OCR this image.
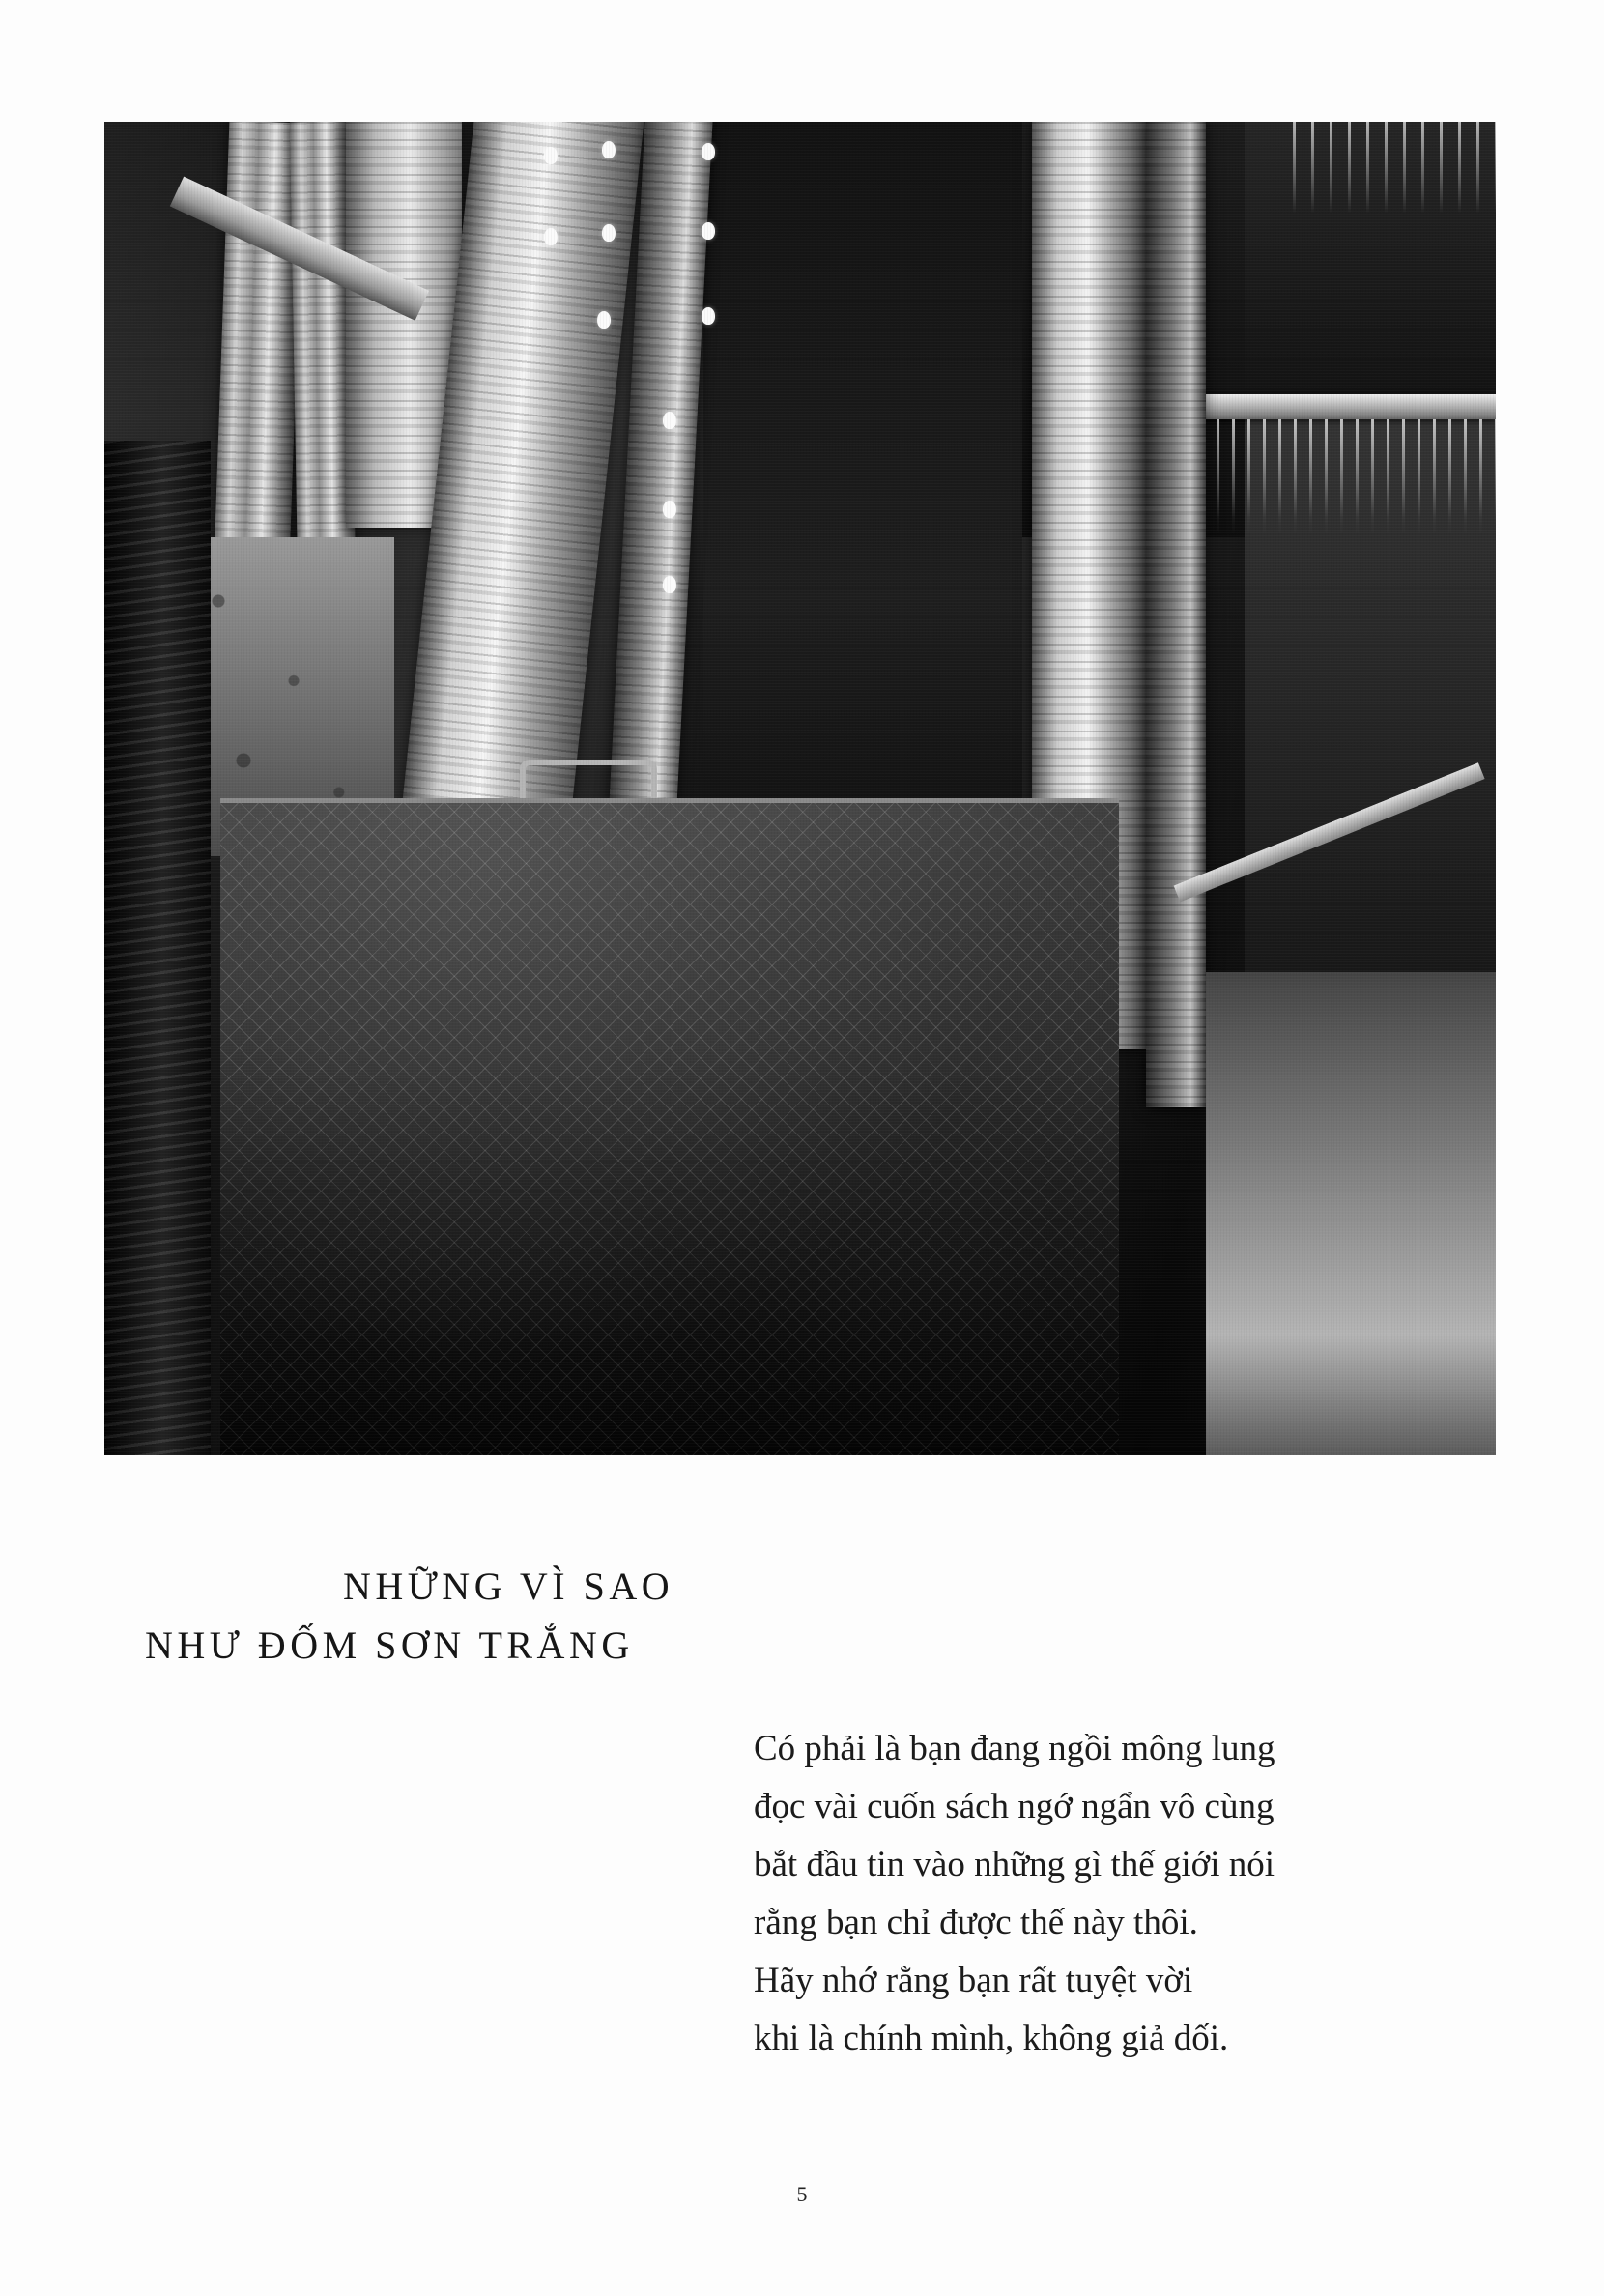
NHỮNG VÌ SAO
NHƯ ĐỐM SƠN TRẮNG
Có phải là bạn đang ngồi mông lung
đọc vài cuốn sách ngớ ngẩn vô cùng
bắt đầu tin vào những gì thế giới nói
rằng bạn chỉ được thế này thôi.
Hãy nhớ rằng bạn rất tuyệt vời
khi là chính mình, không giả dối.
5
